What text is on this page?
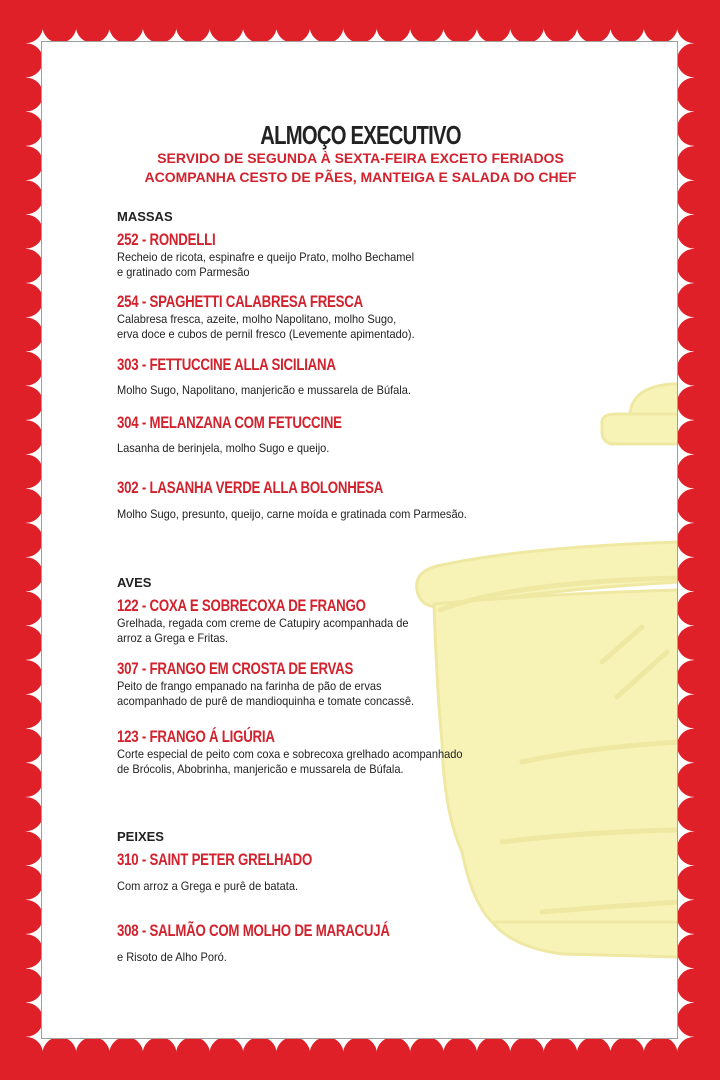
ALMOÇO EXECUTIVO
SERVIDO DE SEGUNDA À SEXTA-FEIRA EXCETO FERIADOS
ACOMPANHA CESTO DE PÃES, MANTEIGA E SALADA DO CHEF
MASSAS
252 - RONDELLI
Recheio de ricota, espinafre e queijo Prato, molho Bechamel
e gratinado com Parmesão
254 - SPAGHETTI CALABRESA FRESCA
Calabresa fresca, azeite, molho Napolitano, molho Sugo,
erva doce e cubos de pernil fresco (Levemente apimentado).
303 - FETTUCCINE ALLA SICILIANA
Molho Sugo, Napolitano, manjericão e mussarela de Búfala.
304 - MELANZANA COM FETUCCINE
Lasanha de berinjela, molho Sugo e queijo.
302 - LASANHA VERDE ALLA BOLONHESA
Molho Sugo, presunto, queijo, carne moída e gratinada com Parmesão.
AVES
122 - COXA E SOBRECOXA DE FRANGO
Grelhada, regada com creme de Catupiry acompanhada de
arroz a Grega e Fritas.
307 - FRANGO EM CROSTA DE ERVAS
Peito de frango empanado na farinha de pão de ervas
acompanhado de purê de mandioquinha e tomate concassê.
123 - FRANGO Á LIGÚRIA
Corte especial de peito com coxa e sobrecoxa grelhado acompanhado
de Brócolis, Abobrinha, manjericão e mussarela de Búfala.
PEIXES
310 - SAINT PETER GRELHADO
Com arroz a Grega e purê de batata.
308 - SALMÃO COM MOLHO DE MARACUJÁ
e Risoto de Alho Poró.
